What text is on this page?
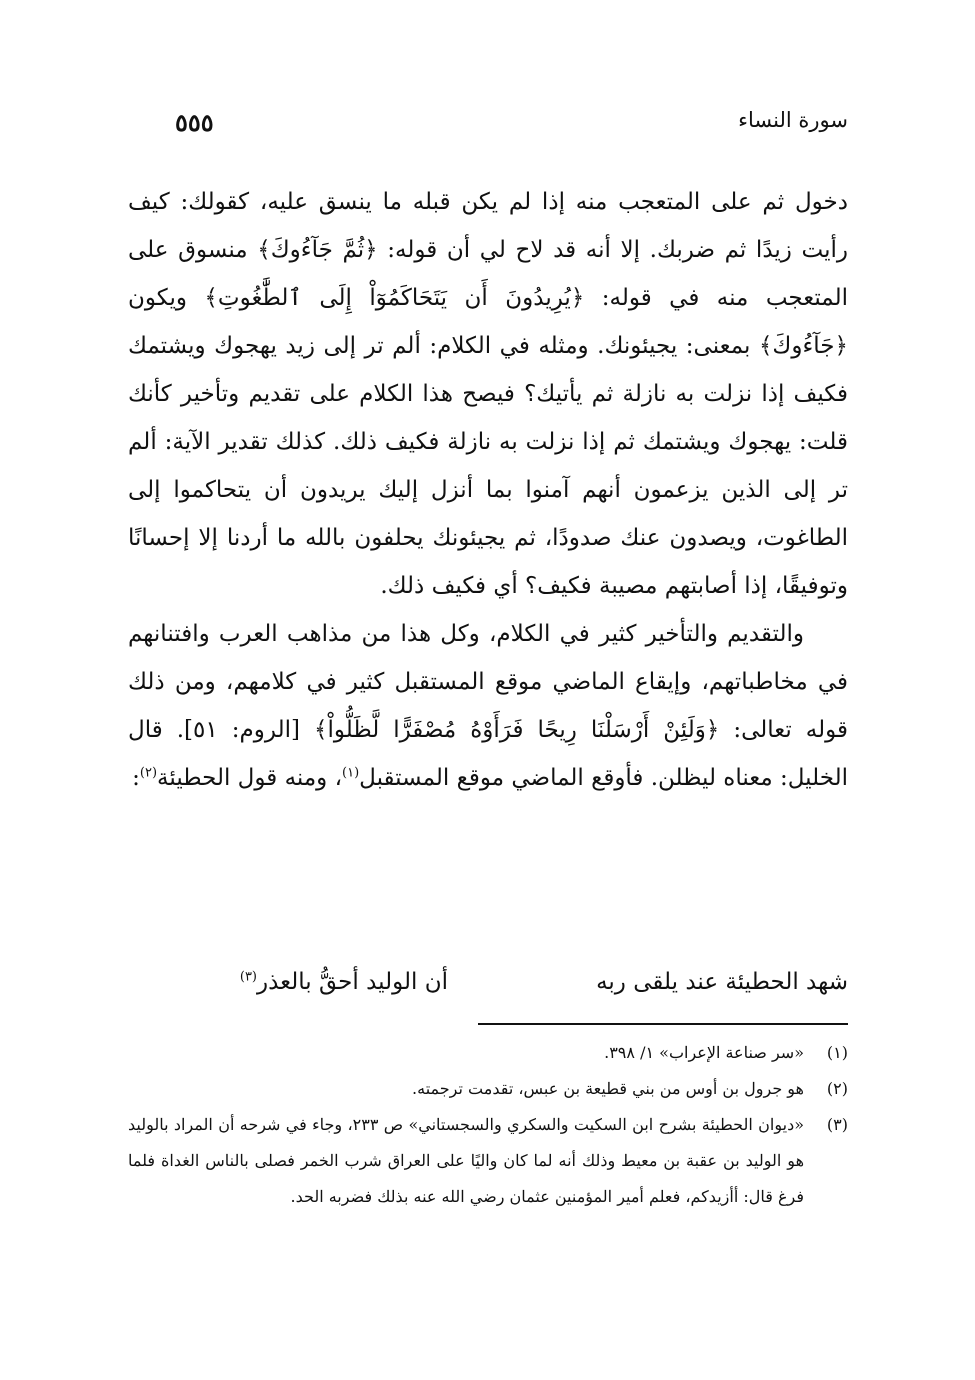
سورة النساء
٥٥٥

دخول ثم على المتعجب منه إذا لم يكن قبله ما ينسق عليه، كقولك: كيف رأيت زيدًا ثم ضربك. إلا أنه قد لاح لي أن قوله: ﴿ثُمَّ جَآءُوكَ﴾ منسوق على المتعجب منه في قوله: ﴿يُرِيدُونَ أَن يَتَحَاكَمُوٓاْ إِلَى ٱلطَّٰغُوتِ﴾ ويكون ﴿جَآءُوكَ﴾ بمعنى: يجيئونك. ومثله في الكلام: ألم تر إلى زيد يهجوك ويشتمك فكيف إذا نزلت به نازلة ثم يأتيك؟ فيصح هذا الكلام على تقديم وتأخير كأنك قلت: يهجوك ويشتمك ثم إذا نزلت به نازلة فكيف ذلك. كذلك تقدير الآية: ألم تر إلى الذين يزعمون أنهم آمنوا بما أنزل إليك يريدون أن يتحاكموا إلى الطاغوت، ويصدون عنك صدودًا، ثم يجيئونك يحلفون بالله ما أردنا إلا إحسانًا وتوفيقًا، إذا أصابتهم مصيبة فكيف؟ أي فكيف ذلك.

والتقديم والتأخير كثير في الكلام، وكل هذا من مذاهب العرب وافتنانهم في مخاطباتهم، وإيقاع الماضي موقع المستقبل كثير في كلامهم، ومن ذلك قوله تعالى: ﴿وَلَئِنْ أَرْسَلْنَا رِيحًا فَرَأَوْهُ مُصْفَرًّا لَّظَلُّواْ﴾ [الروم: ٥١]. قال الخليل: معناه ليظلن. فأوقع الماضي موقع المستقبل$^{(١)}$، ومنه قول الحطيئة$^{(٢)}$:

شهد الحطيئة عند يلقى ربه
أن الوليد أحقُّ بالعذر$^{(٣)}$

(١)
«سر صناعة الإعراب» ١/ ٣٩٨.

(٢)
هو جرول بن أوس من بني قطيعة بن عبس، تقدمت ترجمته.

(٣)
«ديوان الحطيئة بشرح ابن السكيت والسكري والسجستاني» ص ٢٣٣، وجاء في شرحه أن المراد بالوليد هو الوليد بن عقبة بن معيط وذلك أنه لما كان واليًا على العراق شرب الخمر فصلى بالناس الغداة فلما فرغ قال: أأزيدكم، فعلم أمير المؤمنين عثمان رضي الله عنه بذلك فضربه الحد.
